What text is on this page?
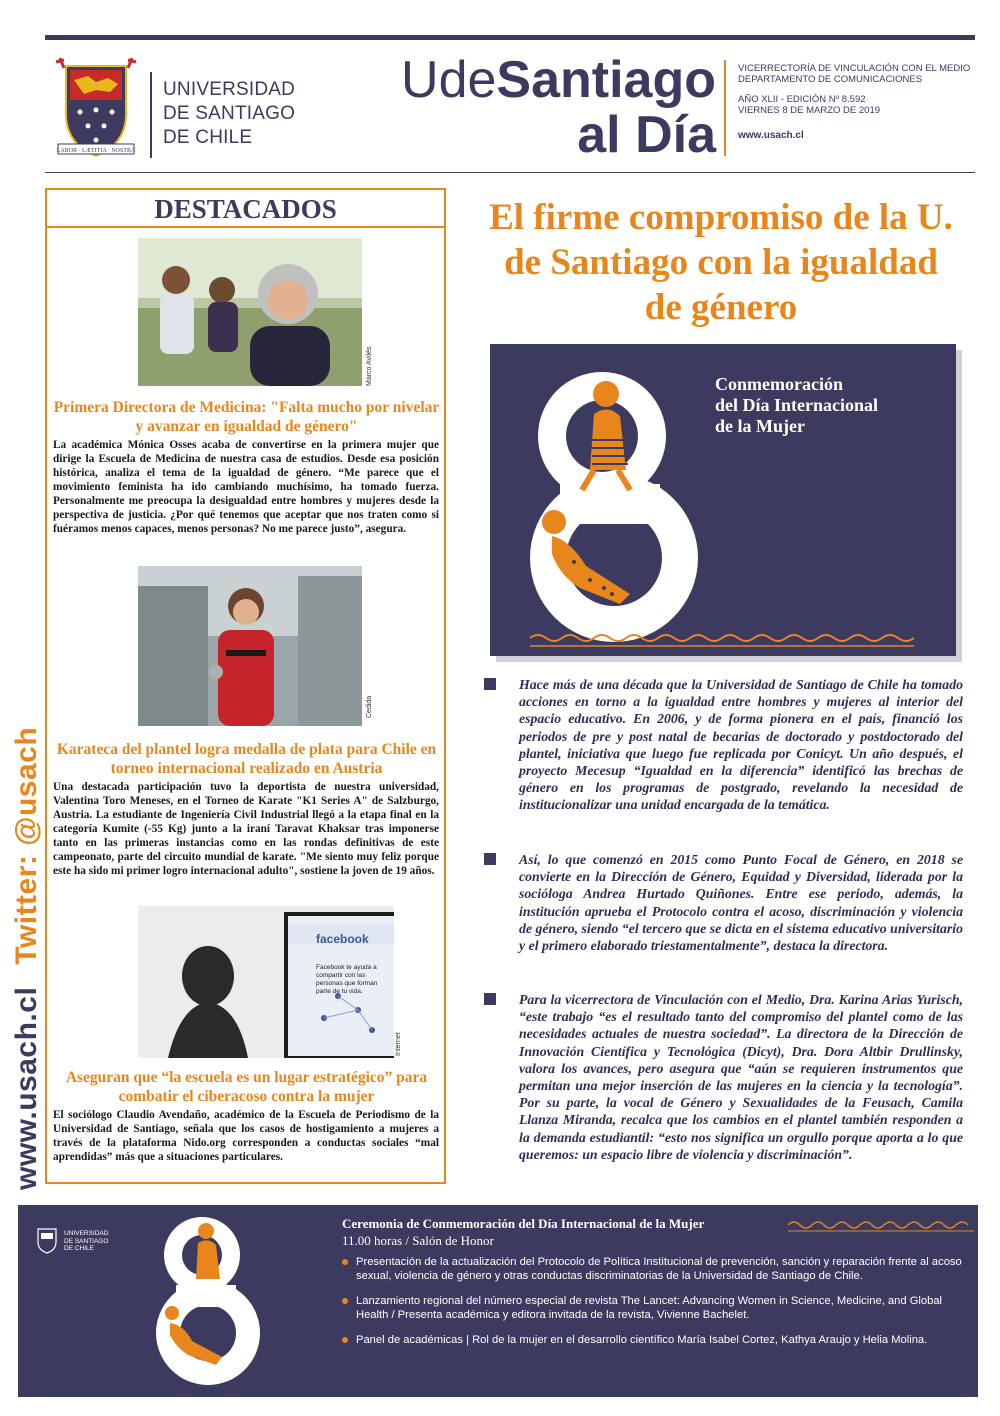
LABOR · LÆTITIA · NOSTRA
UNIVERSIDAD
DE SANTIAGO
DE CHILE
UdeSantiago
al Día
VICERRECTORÍA DE VINCULACIÓN CON EL MEDIO
DEPARTAMENTO DE COMUNICACIONES
AÑO XLII - EDICIÓN Nº 8.592
VIERNES 8 DE MARZO DE 2019
www.usach.cl
www.usach.clTwitter: @usach
DESTACADOS
Marco Avilés
Primera Directora de Medicina: "Falta mucho por nivelar y avanzar en igualdad de género"
La académica Mónica Osses acaba de convertirse en la primera mujer que dirige la Escuela de Medicina de nuestra casa de estudios. Desde esa posición histórica, analiza el tema de la igualdad de género. “Me parece que el movimiento feminista ha ido cambiando muchísimo, ha tomado fuerza. Personalmente me preocupa la desigualdad entre hombres y mujeres desde la perspectiva de justicia. ¿Por qué tenemos que aceptar que nos traten como si fuéramos menos capaces, menos personas? No me parece justo”, asegura.
Cedida
Karateca del plantel logra medalla de plata para Chile en torneo internacional realizado en Austria
Una destacada participación tuvo la deportista de nuestra universidad, Valentina Toro Meneses, en el Torneo de Karate "K1 Series A" de Salzburgo, Austria. La estudiante de Ingeniería Civil Industrial llegó a la etapa final en la categoría Kumite (-55 Kg) junto a la iraní Taravat Khaksar tras imponerse tanto en las primeras instancias como en las rondas definitivas de este campeonato, parte del circuito mundial de karate. "Me siento muy feliz porque este ha sido mi primer logro internacional adulto", sostiene la joven de 19 años.
facebook
Facebook te ayuda a compartir con las personas que forman parte de tu vida.
Internet
Aseguran que “la escuela es un lugar estratégico” para combatir el ciberacoso contra la mujer
El sociólogo Claudio Avendaño, académico de la Escuela de Periodismo de la Universidad de Santiago, señala que los casos de hostigamiento a mujeres a través de la plataforma Nido.org corresponden a conductas sociales “mal aprendidas” más que a situaciones particulares.
El firme compromiso de la U. de Santiago con la igualdad de género
Conmemoración
del Día Internacional
de la Mujer
Hace más de una década que la Universidad de Santiago de Chile ha tomado acciones en torno a la igualdad entre hombres y mujeres al interior del espacio educativo. En 2006, y de forma pionera en el país, financió los periodos de pre y post natal de becarias de doctorado y postdoctorado del plantel, iniciativa que luego fue replicada por Conicyt. Un año después, el proyecto Mecesup “Igualdad en la diferencia” identificó las brechas de género en los programas de postgrado, revelando la necesidad de institucionalizar una unidad encargada de la temática.
Así, lo que comenzó en 2015 como Punto Focal de Género, en 2018 se convierte en la Dirección de Género, Equidad y Diversidad, liderada por la socióloga Andrea Hurtado Quiñones. Entre ese periodo, además, la institución aprueba el Protocolo contra el acoso, discriminación y violencia de género, siendo “el tercero que se dicta en el sistema educativo universitario y el primero elaborado triestamentalmente”, destaca la directora.
Para la vicerrectora de Vinculación con el Medio, Dra. Karina Arias Yurisch, “este trabajo “es el resultado tanto del compromiso del plantel como de las necesidades actuales de nuestra sociedad”. La directora de la Dirección de Innovación Científica y Tecnológica (Dicyt), Dra. Dora Altbir Drullinsky, valora los avances, pero asegura que “aún se requieren instrumentos que permitan una mejor inserción de las mujeres en la ciencia y la tecnología”. Por su parte, la vocal de Género y Sexualidades de la Feusach, Camila Llanza Miranda, recalca que los cambios en el plantel también responden a la demanda estudiantil: “esto nos significa un orgullo porque aporta a lo que queremos: un espacio libre de violencia y discriminación”.
UNIVERSIDAD
DE SANTIAGO
DE CHILE
Ceremonia de Conmemoración del Día Internacional de la Mujer
11.00 horas / Salón de Honor
Presentación de la actualización del Protocolo de Política Institucional de prevención, sanción y reparación frente al acoso sexual, violencia de género y otras conductas discriminatorias de la Universidad de Santiago de Chile.
Lanzamiento regional del número especial de revista The Lancet: Advancing Women in Science, Medicine, and Global Health / Presenta académica y editora invitada de la revista, Vivienne Bachelet.
Panel de académicas | Rol de la mujer en el desarrollo científico María Isabel Cortez, Kathya Araujo y Helia Molina.
